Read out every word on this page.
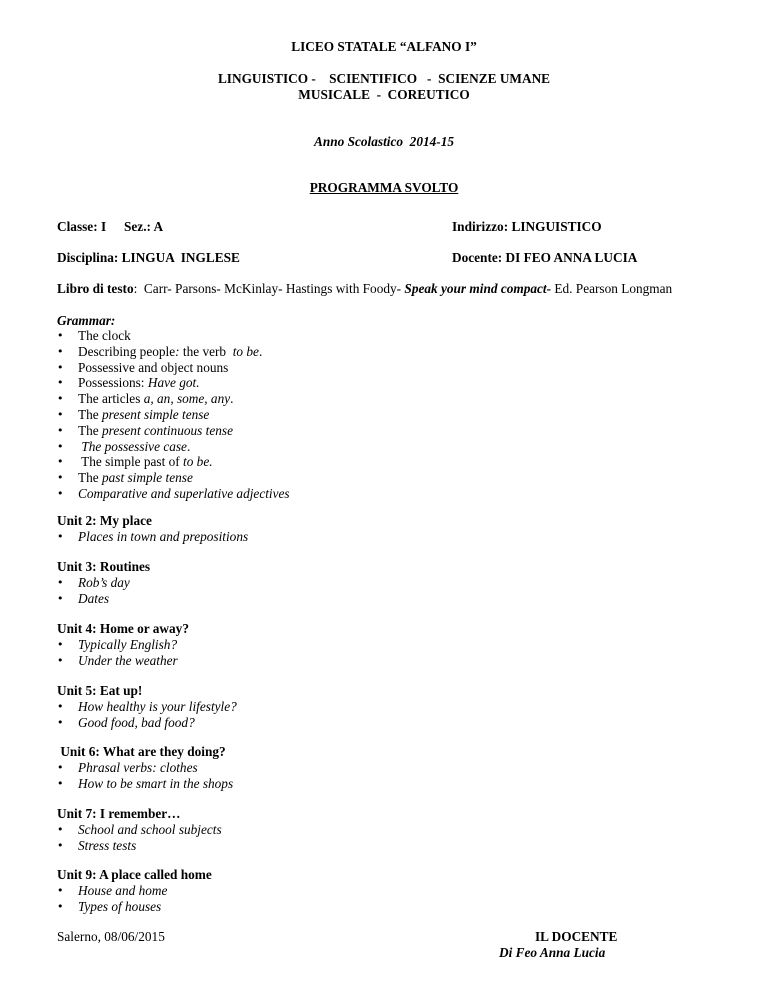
LICEO STATALE “ALFANO I”
LINGUISTICO -    SCIENTIFICO   -  SCIENZE UMANE
MUSICALE  -  COREUTICO
Anno Scolastico  2014-15
PROGRAMMA SVOLTO
Classe: I Sez.: A	Indirizzo: LINGUISTICO
Disciplina: LINGUA  INGLESE	Docente: DI FEO ANNA LUCIA
Libro di testo:  Carr- Parsons- McKinlay- Hastings with Foody- Speak your mind compact- Ed. Pearson Longman
Grammar:
• The clock
• Describing people: the verb  to be.
• Possessive and object nouns
• Possessions: Have got.
• The articles a, an, some, any.
• The present simple tense
• The present continuous tense
•  The possessive case.
•  The simple past of to be.
• The past simple tense
• Comparative and superlative adjectives
Unit 2: My place
• Places in town and prepositions
Unit 3: Routines
• Rob’s day
• Dates
Unit 4: Home or away?
• Typically English?
• Under the weather
Unit 5: Eat up!
• How healthy is your lifestyle?
• Good food, bad food?
Unit 6: What are they doing?
• Phrasal verbs: clothes
• How to be smart in the shops
Unit 7: I remember…
• School and school subjects
• Stress tests
Unit 9: A place called home
• House and home
• Types of houses
Salerno, 08/06/2015	IL DOCENTE
Di Feo Anna Lucia
